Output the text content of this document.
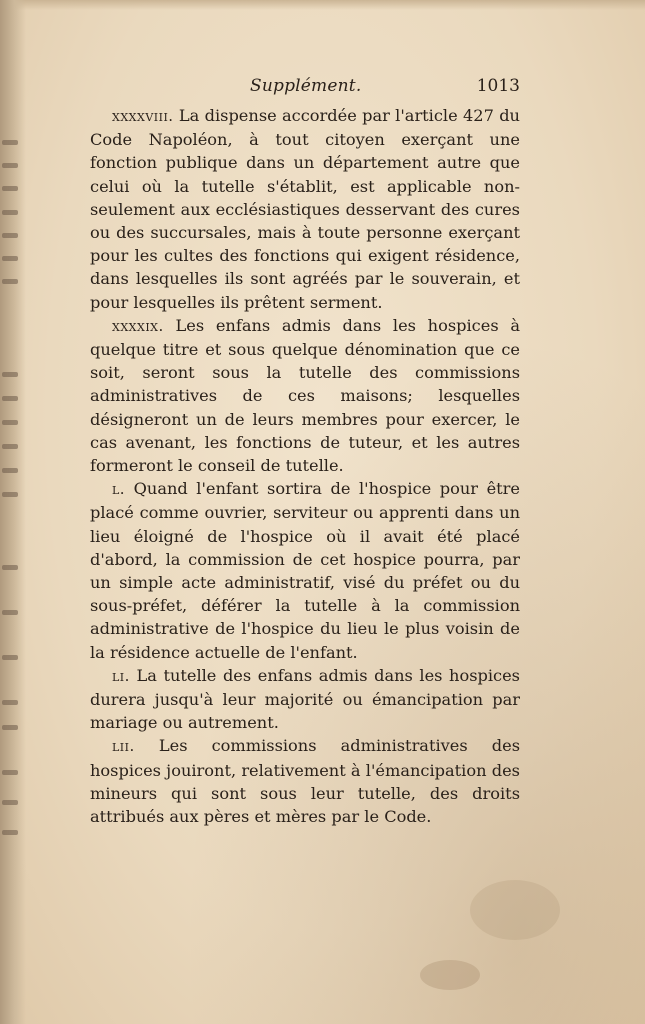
Supplément.	1013

xxxxviii. La dispense accordée par l'article 427 du Code Napoléon, à tout citoyen exerçant une fonction publique dans un département autre que celui où la tutelle s'établit, est applicable non-seulement aux ecclésiastiques desservant des cures ou des succursales, mais à toute personne exerçant pour les cultes des fonctions qui exigent résidence, dans lesquelles ils sont agréés par le souverain, et pour lesquelles ils prêtent serment.

xxxxix. Les enfans admis dans les hospices à quelque titre et sous quelque dénomination que ce soit, seront sous la tutelle des commissions administratives de ces maisons; lesquelles désigneront un de leurs membres pour exercer, le cas avenant, les fonctions de tuteur, et les autres formeront le conseil de tutelle.

l. Quand l'enfant sortira de l'hospice pour être placé comme ouvrier, serviteur ou apprenti dans un lieu éloigné de l'hospice où il avait été placé d'abord, la commission de cet hospice pourra, par un simple acte administratif, visé du préfet ou du sous-préfet, déférer la tutelle à la commission administrative de l'hospice du lieu le plus voisin de la résidence actuelle de l'enfant.

li. La tutelle des enfans admis dans les hospices durera jusqu'à leur majorité ou émancipation par mariage ou autrement.

lii. Les commissions administratives des hospices jouiront, relativement à l'émancipation des mineurs qui sont sous leur tutelle, des droits attribués aux pères et mères par le Code.
